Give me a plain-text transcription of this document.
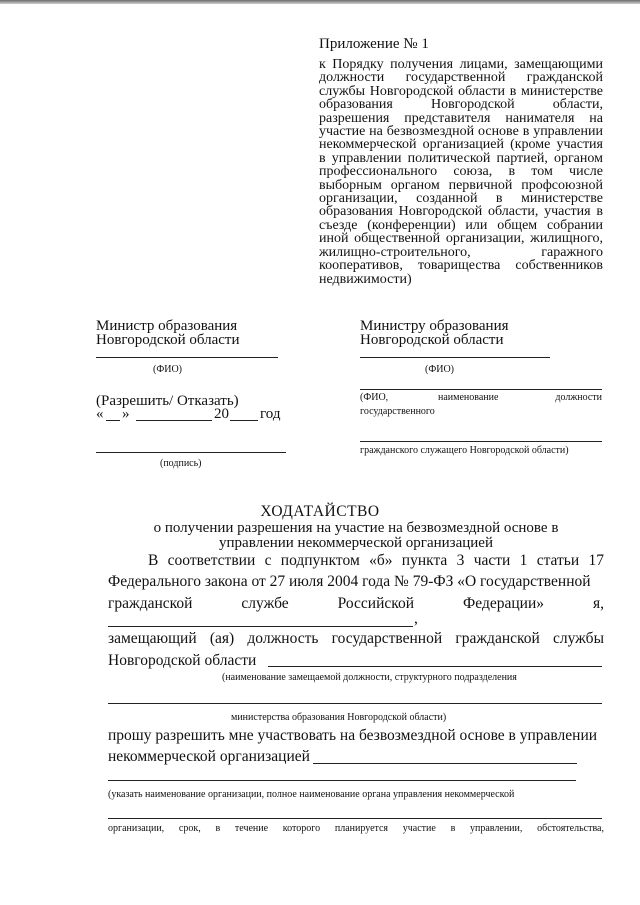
Приложение № 1
к Порядку получения лицами, замещающими должности государственной гражданской службы Новгородской области в министерстве образования Новгородской области, разрешения представителя нанимателя на участие на безвозмездной основе в управлении некоммерческой организацией (кроме участия в управлении политической партией, органом профессионального союза, в том числе выборным органом первичной профсоюзной организации, созданной в министерстве образования Новгородской области, участия в съезде (конференции) или общем собрании иной общественной организации, жилищного, жилищно-строительного, гаражного кооперативов, товарищества собственников недвижимости)
Министр образования
Новгородской области
(ФИО)
(Разрешить/ Отказать)
« »	20 год
(подпись)
Министру образования
Новгородской области
(ФИО)
(ФИО,	наименование	должности
государственного
гражданского служащего Новгородской области)
ХОДАТАЙСТВО
о получении разрешения на участие на безвозмездной основе в
управлении некоммерческой организацией
В соответствии с подпунктом «б» пункта 3 части 1 статьи 17
Федерального закона от 27 июля 2004 года № 79-ФЗ «О государственной
гражданской службе Российской Федерации» я,
,
замещающий (ая) должность государственной гражданской службы
Новгородской области
(наименование замещаемой должности, структурного подразделения
министерства образования Новгородской области)
прошу разрешить мне участвовать на безвозмездной основе в управлении
некоммерческой организацией
(указать наименование организации, полное наименование органа управления некоммерческой
организации, срок, в течение которого планируется участие в управлении, обстоятельства,
